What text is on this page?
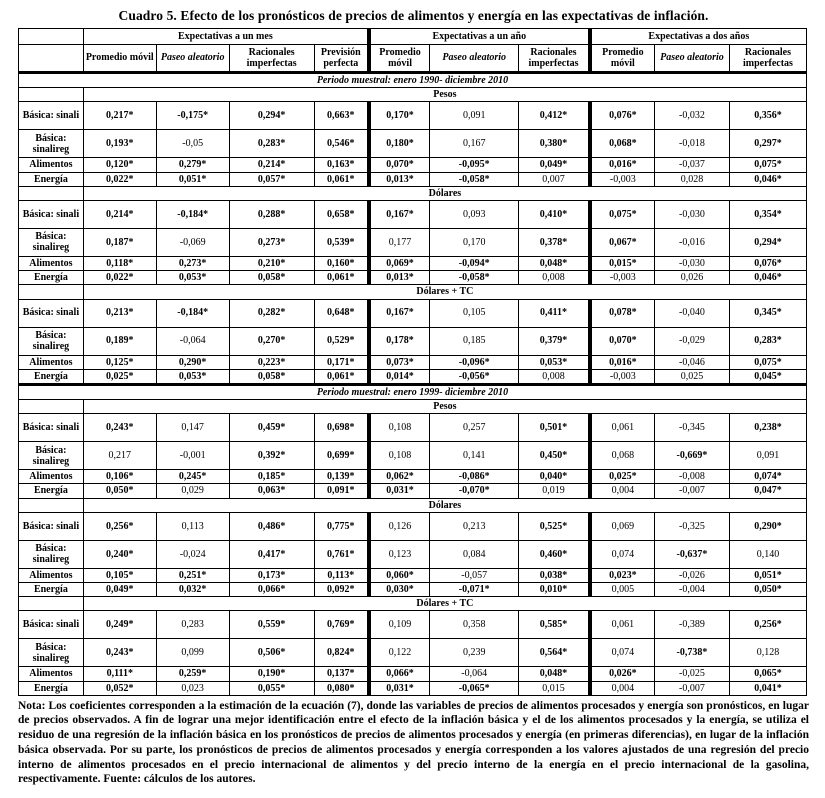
Cuadro 5. Efecto de los pronósticos de precios de alimentos y energía en las expectativas de inflación.
	Expectativas a un mes				Expectativas a un año			Expectativas a dos años		
	Promedio móvil	Paseo aleatorio	Racionales imperfectas	Previsión perfecta	Promedio móvil	Paseo aleatorio	Racionales imperfectas	Promedio móvil	Paseo aleatorio	Racionales imperfectas
Periodo muestral: enero 1990- diciembre 2010										
	Pesos									
Básica: sinali	0,217*	-0,175*	0,294*	0,663*	0,170*	0,091	0,412*	0,076*	-0,032	0,356*
Básica: sinalireg	0,193*	-0,05	0,283*	0,546*	0,180*	0,167	0,380*	0,068*	-0,018	0,297*
Alimentos	0,120*	0,279*	0,214*	0,163*	0,070*	-0,095*	0,049*	0,016*	-0,037	0,075*
Energía	0,022*	0,051*	0,057*	0,061*	0,013*	-0,058*	0,007	-0,003	0,028	0,046*
	Dólares									
Básica: sinali	0,214*	-0,184*	0,288*	0,658*	0,167*	0,093	0,410*	0,075*	-0,030	0,354*
Básica: sinalireg	0,187*	-0,069	0,273*	0,539*	0,177	0,170	0,378*	0,067*	-0,016	0,294*
Alimentos	0,118*	0,273*	0,210*	0,160*	0,069*	-0,094*	0,048*	0,015*	-0,030	0,076*
Energía	0,022*	0,053*	0,058*	0,061*	0,013*	-0,058*	0,008	-0,003	0,026	0,046*
	Dólares + TC									
Básica: sinali	0,213*	-0,184*	0,282*	0,648*	0,167*	0,105	0,411*	0,078*	-0,040	0,345*
Básica: sinalireg	0,189*	-0,064	0,270*	0,529*	0,178*	0,185	0,379*	0,070*	-0,029	0,283*
Alimentos	0,125*	0,290*	0,223*	0,171*	0,073*	-0,096*	0,053*	0,016*	-0,046	0,075*
Energía	0,025*	0,053*	0,058*	0,061*	0,014*	-0,056*	0,008	-0,003	0,025	0,045*
Periodo muestral: enero 1999- diciembre 2010										
	Pesos									
Básica: sinali	0,243*	0,147	0,459*	0,698*	0,108	0,257	0,501*	0,061	-0,345	0,238*
Básica: sinalireg	0,217	-0,001	0,392*	0,699*	0,108	0,141	0,450*	0,068	-0,669*	0,091
Alimentos	0,106*	0,245*	0,185*	0,139*	0,062*	-0,086*	0,040*	0,025*	-0,008	0,074*
Energía	0,050*	0,029	0,063*	0,091*	0,031*	-0,070*	0,019	0,004	-0,007	0,047*
	Dólares									
Básica: sinali	0,256*	0,113	0,486*	0,775*	0,126	0,213	0,525*	0,069	-0,325	0,290*
Básica: sinalireg	0,240*	-0,024	0,417*	0,761*	0,123	0,084	0,460*	0,074	-0,637*	0,140
Alimentos	0,105*	0,251*	0,173*	0,113*	0,060*	-0,057	0,038*	0,023*	-0,026	0,051*
Energía	0,049*	0,032*	0,066*	0,092*	0,030*	-0,071*	0,010*	0,005	-0,004	0,050*
	Dólares + TC									
Básica: sinali	0,249*	0,283	0,559*	0,769*	0,109	0,358	0,585*	0,061	-0,389	0,256*
Básica: sinalireg	0,243*	0,099	0,506*	0,824*	0,122	0,239	0,564*	0,074	-0,738*	0,128
Alimentos	0,111*	0,259*	0,190*	0,137*	0,066*	-0,064	0,048*	0,026*	-0,025	0,065*
Energía	0,052*	0,023	0,055*	0,080*	0,031*	-0,065*	0,015	0,004	-0,007	0,041*

Nota: Los coeficientes corresponden a la estimación de la ecuación (7), donde las variables de precios de alimentos procesados y energía son pronósticos, en lugar de precios observados. A fin de lograr una mejor identificación entre el efecto de la inflación básica y el de los alimentos procesados y la energía, se utiliza el residuo de una regresión de la inflación básica en los pronósticos de precios de alimentos procesados y energía (en primeras diferencias), en lugar de la inflación básica observada. Por su parte, los pronósticos de precios de alimentos procesados y energía corresponden a los valores ajustados de una regresión del precio interno de alimentos procesados en el precio internacional de alimentos y del precio interno de la energía en el precio internacional de la gasolina, respectivamente. Fuente: cálculos de los autores.
